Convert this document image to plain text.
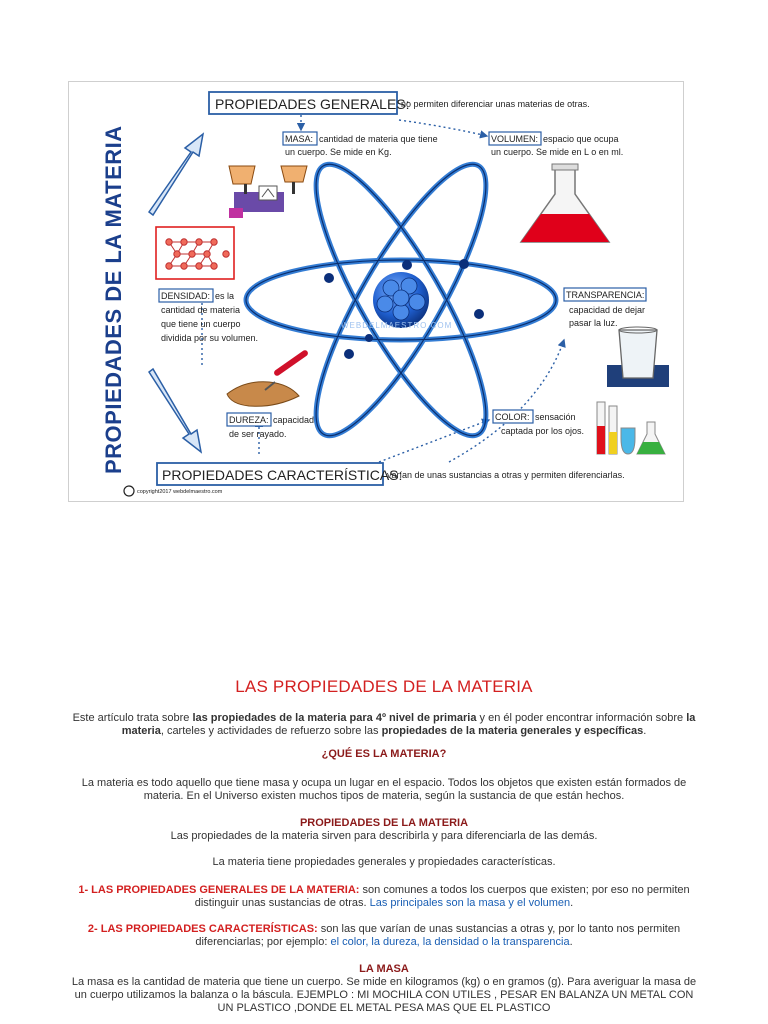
PROPIEDADES DE LA MATERIA
PROPIEDADES GENERALES:
no permiten diferenciar unas materias de otras.
MASA: cantidad de materia que tiene
un cuerpo. Se mide en Kg.
VOLUMEN: espacio que ocupa
un cuerpo. Se mide en L o en ml.
DENSIDAD: es la
cantidad de materia
que tiene un cuerpo
dividida por su volumen.
WEBDELMAESTRO.COM
TRANSPARENCIA:
capacidad de dejar
pasar la luz.
DUREZA: capacidad
de ser rayado.
COLOR: sensación
captada por los ojos.
PROPIEDADES CARACTERÍSTICAS:
varían de unas sustancias a otras y permiten diferenciarlas.
copyright2017 webdelmaestro.com

LAS PROPIEDADES DE LA MATERIA

Este artículo trata sobre las propiedades de la materia para 4º nivel de primaria y en él poder encontrar información sobre la materia, carteles y actividades de refuerzo sobre las propiedades de la materia generales y específicas.

¿QUÉ ES LA MATERIA?

La materia es todo aquello que tiene masa y ocupa un lugar en el espacio. Todos los objetos que existen están formados de materia. En el Universo existen muchos tipos de materia, según la sustancia de que están hechos.

PROPIEDADES DE LA MATERIA

Las propiedades de la materia sirven para describirla y para diferenciarla de las demás.

La materia tiene propiedades generales y propiedades características.

1- LAS PROPIEDADES GENERALES DE LA MATERIA: son comunes a todos los cuerpos que existen; por eso no permiten distinguir unas sustancias de otras. Las principales son la masa y el volumen.

2- LAS PROPIEDADES CARACTERÍSTICAS: son las que varían de unas sustancias a otras y, por lo tanto nos permiten diferenciarlas; por ejemplo: el color, la dureza, la densidad o la transparencia.

LA MASA

La masa es la cantidad de materia que tiene un cuerpo. Se mide en kilogramos (kg) o en gramos (g). Para averiguar la masa de un cuerpo utilizamos la balanza o la báscula. EJEMPLO : MI MOCHILA CON UTILES , PESAR EN BALANZA UN METAL CON UN PLASTICO ,DONDE EL METAL PESA MAS QUE EL PLASTICO
